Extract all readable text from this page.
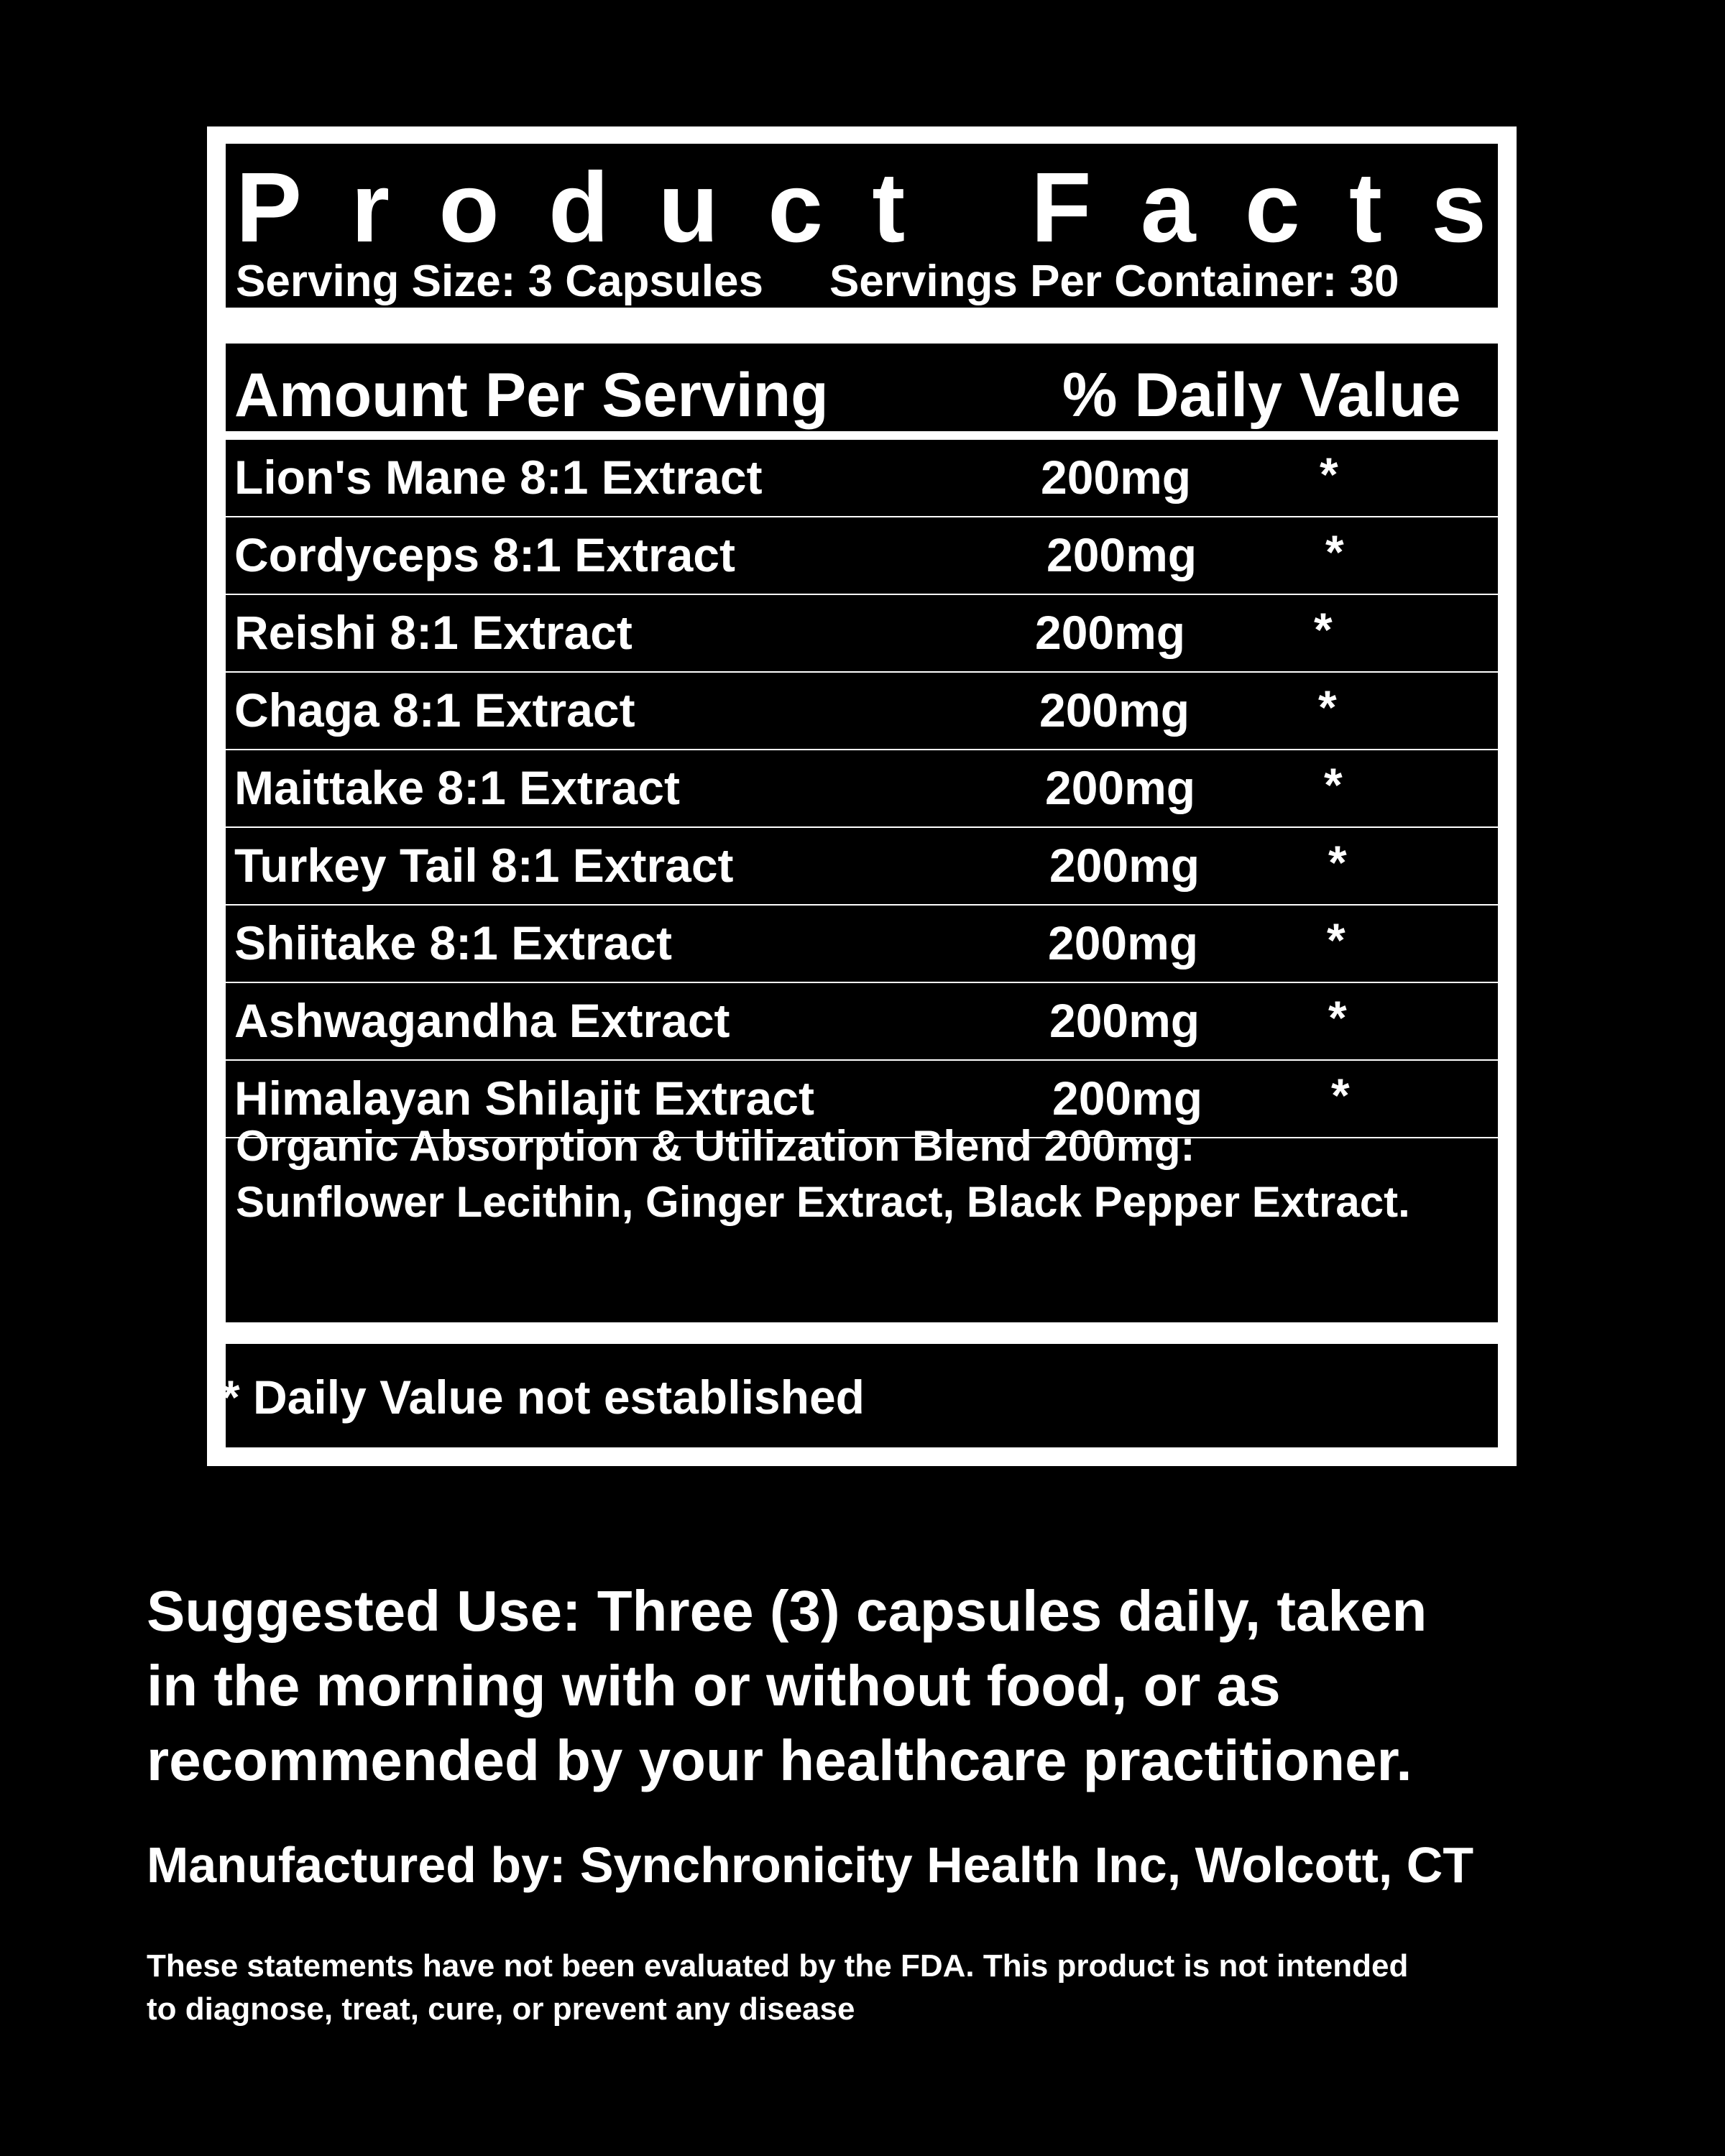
P r o d u c t
F a c t s
Serving Size: 3 Capsules Servings Per Container: 30
Amount Per Serving	% Daily Value
Lion's Mane 8:1 Extract	200mg	*
Cordyceps 8:1 Extract	200mg	*
Reishi 8:1 Extract	200mg	*
Chaga 8:1 Extract	200mg	*
Maittake 8:1 Extract	200mg	*
Turkey Tail 8:1 Extract	200mg	*
Shiitake 8:1 Extract	200mg	*
Ashwagandha Extract	200mg	*
Himalayan Shilajit Extract	200mg	*
Organic Absorption & Utilization Blend 200mg:
Sunflower Lecithin, Ginger Extract, Black Pepper Extract.
* Daily Value not established
Suggested Use: Three (3) capsules daily, taken
in the morning with or without food, or as
recommended by your healthcare practitioner.

Manufactured by: Synchronicity Health Inc, Wolcott, CT

These statements have not been evaluated by the FDA. This product is not intended
to diagnose, treat, cure, or prevent any disease
